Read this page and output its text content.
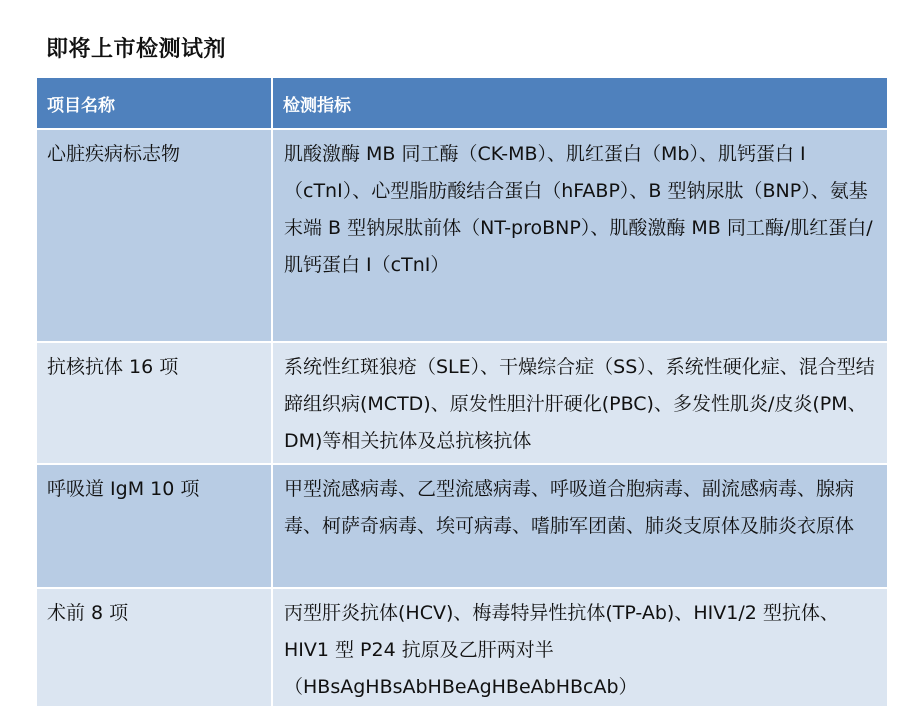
即将上市检测试剂
项目名称	检测指标
心脏疾病标志物	肌酸激酶 MB 同工酶（CK-MB）、肌红蛋白（Mb）、肌钙蛋白 I（cTnI）、心型脂肪酸结合蛋白（hFABP）、B 型钠尿肽（BNP）、氨基末端 B 型钠尿肽前体（NT-proBNP）、肌酸激酶 MB 同工酶/肌红蛋白/肌钙蛋白 I（cTnI）
抗核抗体 16 项	系统性红斑狼疮（SLE）、干燥综合症（SS）、系统性硬化症、混合型结蹄组织病(MCTD)、原发性胆汁肝硬化(PBC)、多发性肌炎/皮炎(PM、DM)等相关抗体及总抗核抗体
呼吸道 IgM 10 项	甲型流感病毒、乙型流感病毒、呼吸道合胞病毒、副流感病毒、腺病毒、柯萨奇病毒、埃可病毒、嗜肺军团菌、肺炎支原体及肺炎衣原体
术前 8 项	丙型肝炎抗体(HCV)、梅毒特异性抗体(TP-Ab)、HIV1/2 型抗体、HIV1 型 P24 抗原及乙肝两对半（HBsAgHBsAbHBeAgHBeAbHBcAb）
